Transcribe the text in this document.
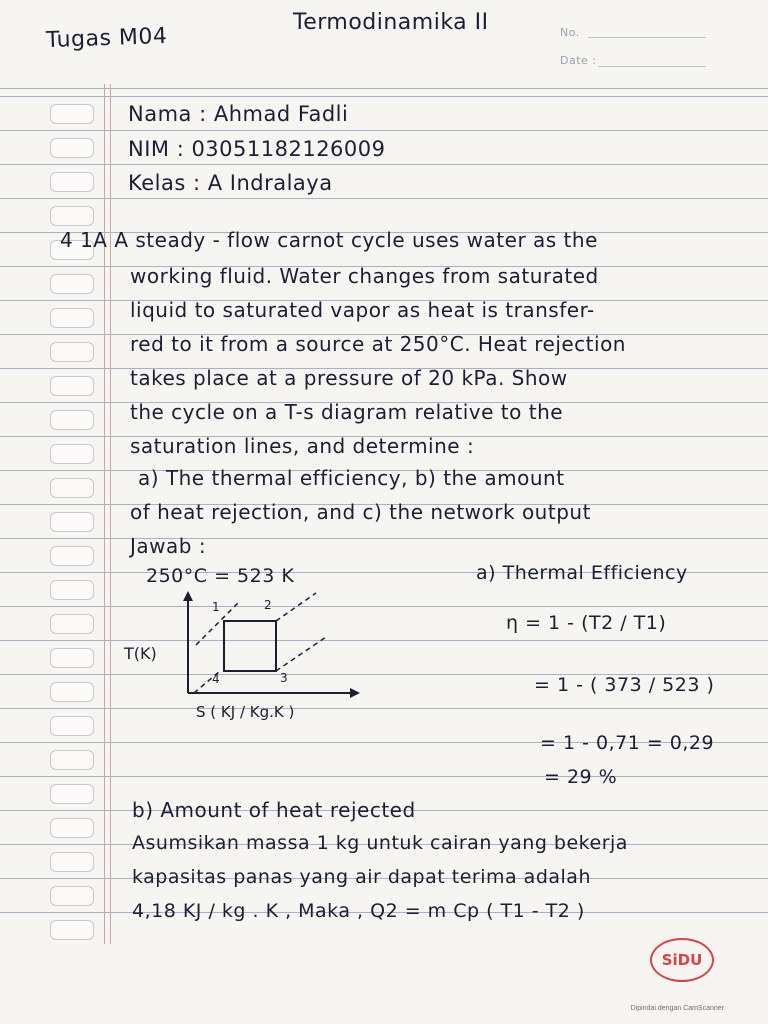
Tugas M04
Termodinamika II	No.
Date :
Nama : Ahmad Fadli
NIM : 03051182126009
Kelas : A Indralaya
4 1A A steady - flow carnot cycle uses water as the
working fluid. Water changes from saturated
liquid to saturated vapor as heat is transfer-
red to it from a source at 250°C. Heat rejection
takes place at a pressure of 20 kPa. Show
the cycle on a T-s diagram relative to the
saturation lines, and determine :
a) The thermal efficiency, b) the amount
of heat rejection, and c) the network output
Jawab :
250°C = 523 K
1	2
3
4
T(K)
S ( KJ / Kg.K )
a) Thermal Efficiency
η = 1 - (T2 / T1)
= 1 - ( 373 / 523 )
= 1 - 0,71 = 0,29
= 29 %
b) Amount of heat rejected
Asumsikan massa 1 kg untuk cairan yang bekerja
kapasitas panas yang air dapat terima adalah
4,18 KJ / kg . K , Maka , Q2 = m Cp ( T1 - T2 )
SiDU
Dipindai dengan CamScanner
